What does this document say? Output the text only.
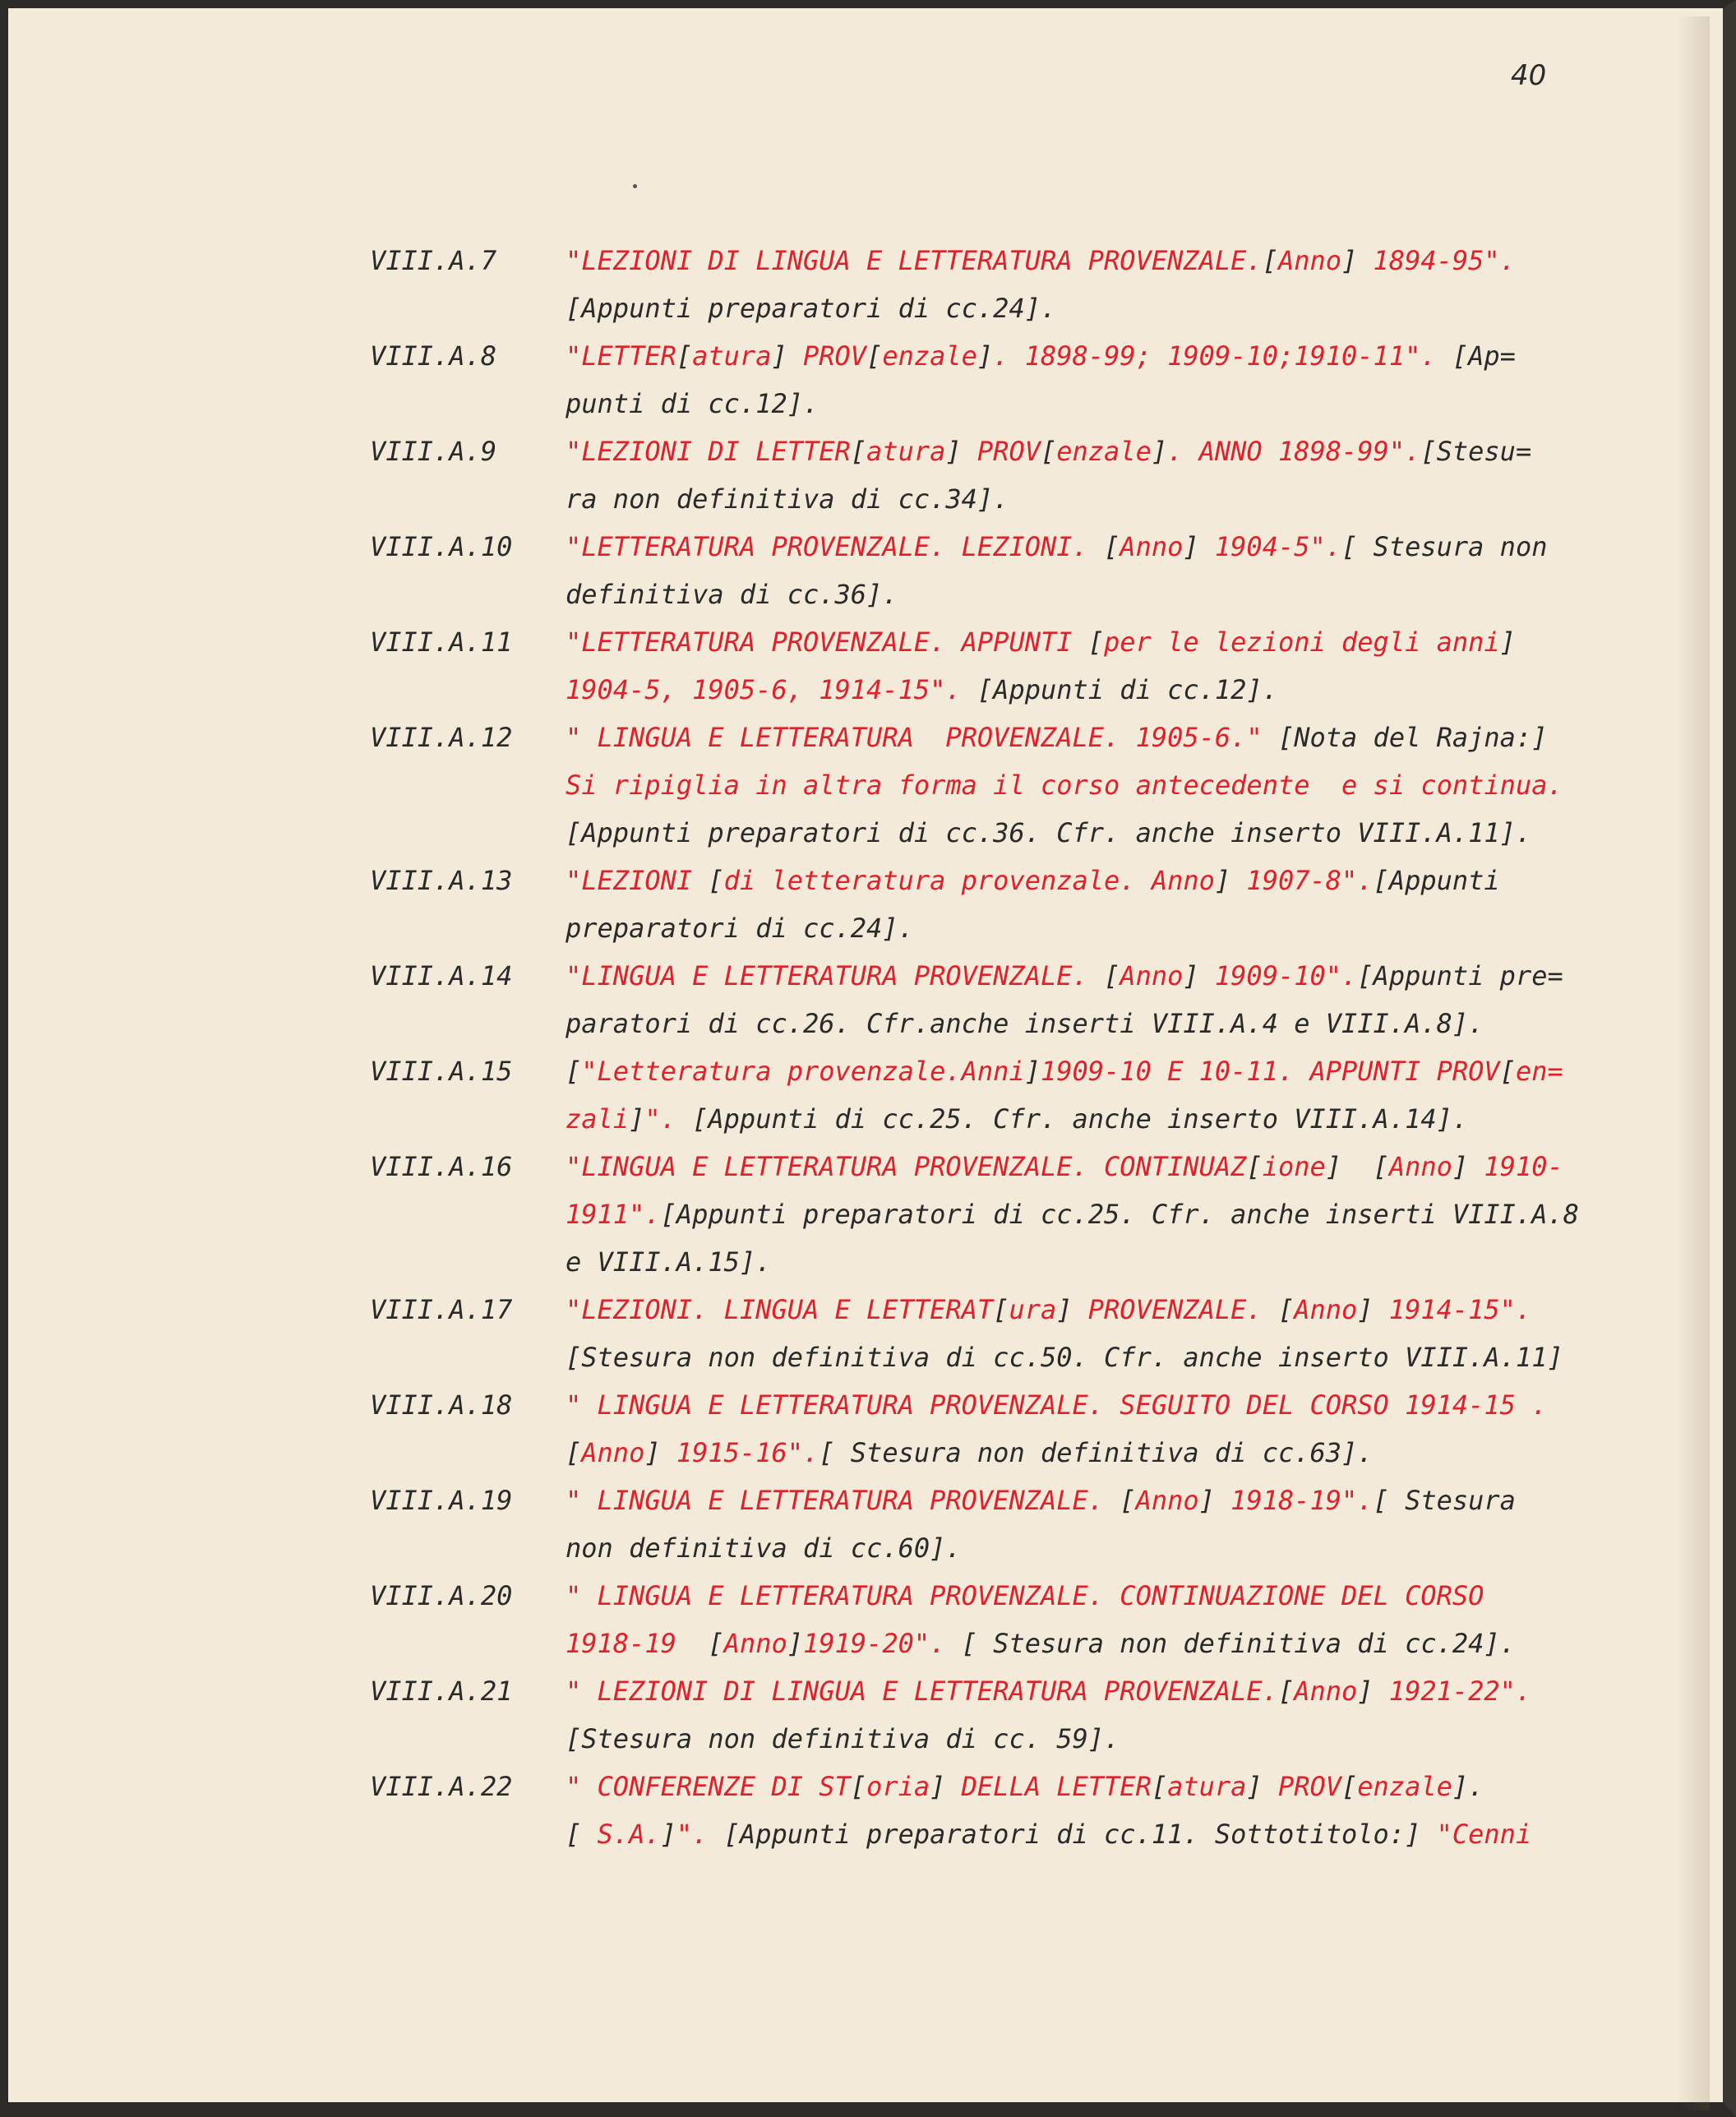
40
VIII.A.7	"LEZIONI DI LINGUA E LETTERATURA PROVENZALE.[Anno] 1894-95".
[Appunti preparatori di cc.24].
VIII.A.8	"LETTER[atura] PROV[enzale]. 1898-99; 1909-10;1910-11". [Ap=
punti di cc.12].
VIII.A.9	"LEZIONI DI LETTER[atura] PROV[enzale]. ANNO 1898-99".[Stesu=
ra non definitiva di cc.34].
VIII.A.10	"LETTERATURA PROVENZALE. LEZIONI. [Anno] 1904-5".[ Stesura non
definitiva di cc.36].
VIII.A.11	"LETTERATURA PROVENZALE. APPUNTI [per le lezioni degli anni]
1904-5, 1905-6, 1914-15". [Appunti di cc.12].
VIII.A.12	" LINGUA E LETTERATURA  PROVENZALE. 1905-6." [Nota del Rajna:]
Si ripiglia in altra forma il corso antecedente  e si continua.
[Appunti preparatori di cc.36. Cfr. anche inserto VIII.A.11].
VIII.A.13	"LEZIONI [di letteratura provenzale. Anno] 1907-8".[Appunti
preparatori di cc.24].
VIII.A.14	"LINGUA E LETTERATURA PROVENZALE. [Anno] 1909-10".[Appunti pre=
paratori di cc.26. Cfr.anche inserti VIII.A.4 e VIII.A.8].
VIII.A.15	["Letteratura provenzale.Anni]1909-10 E 10-11. APPUNTI PROV[en=
zali]". [Appunti di cc.25. Cfr. anche inserto VIII.A.14].
VIII.A.16	"LINGUA E LETTERATURA PROVENZALE. CONTINUAZ[ione]  [Anno] 1910-
1911".[Appunti preparatori di cc.25. Cfr. anche inserti VIII.A.8
e VIII.A.15].
VIII.A.17	"LEZIONI. LINGUA E LETTERAT[ura] PROVENZALE. [Anno] 1914-15".
[Stesura non definitiva di cc.50. Cfr. anche inserto VIII.A.11]
VIII.A.18	" LINGUA E LETTERATURA PROVENZALE. SEGUITO DEL CORSO 1914-15 .
[Anno] 1915-16".[ Stesura non definitiva di cc.63].
VIII.A.19	" LINGUA E LETTERATURA PROVENZALE. [Anno] 1918-19".[ Stesura
non definitiva di cc.60].
VIII.A.20	" LINGUA E LETTERATURA PROVENZALE. CONTINUAZIONE DEL CORSO
1918-19  [Anno]1919-20". [ Stesura non definitiva di cc.24].
VIII.A.21	" LEZIONI DI LINGUA E LETTERATURA PROVENZALE.[Anno] 1921-22".
[Stesura non definitiva di cc. 59].
VIII.A.22	" CONFERENZE DI ST[oria] DELLA LETTER[atura] PROV[enzale].
[ S.A.]". [Appunti preparatori di cc.11. Sottotitolo:] "Cenni
